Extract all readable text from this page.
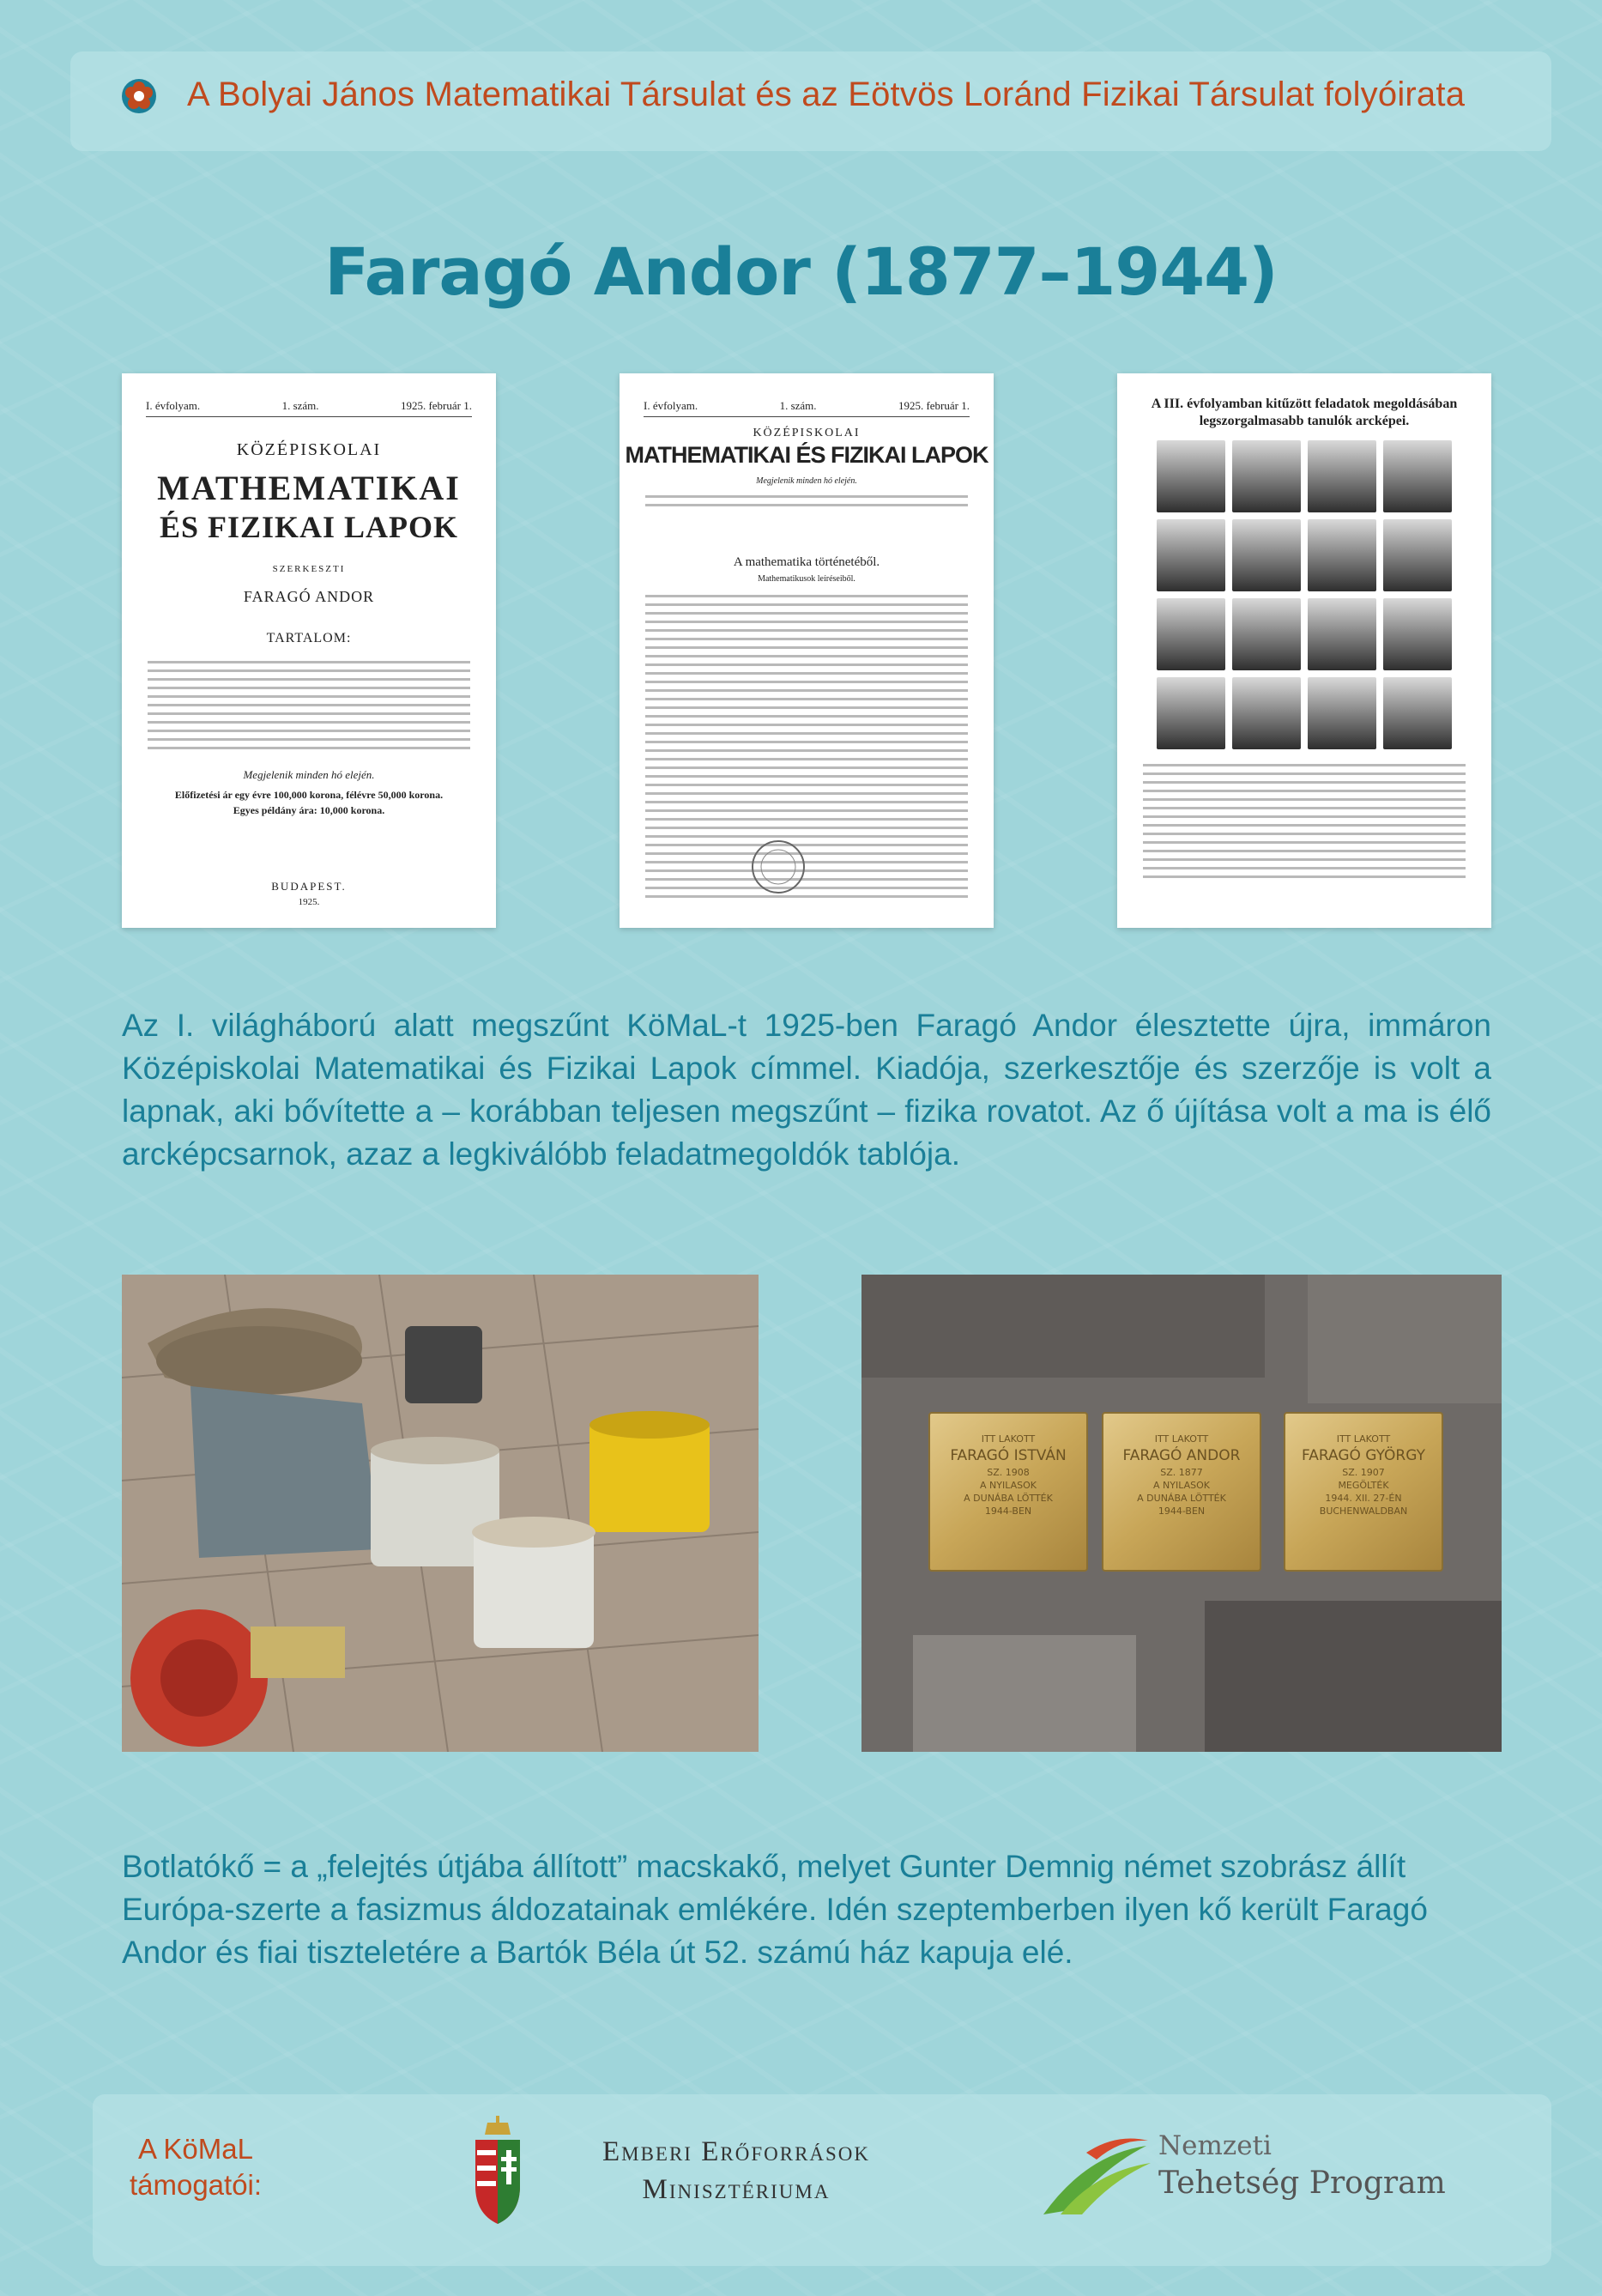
A Bolyai János Matematikai Társulat és az Eötvös Loránd Fizikai Társulat folyóirata
Faragó Andor (1877–1944)
I. évfolyam.	1. szám.	1925. február 1.
KÖZÉPISKOLAI
MATHEMATIKAI
ÉS FIZIKAI LAPOK
SZERKESZTI
FARAGÓ ANDOR
TARTALOM:
Megjelenik minden hó elején.
Előfizetési ár egy évre 100,000 korona, félévre 50,000 korona.
Egyes példány ára: 10,000 korona.
BUDAPEST.
1925.
I. évfolyam.	1. szám.	1925. február 1.
KÖZÉPISKOLAI
MATHEMATIKAI ÉS FIZIKAI LAPOK
Megjelenik minden hó elején.
A mathematika történetéből.
Mathematikusok leíréseiből.
A III. évfolyamban kitűzött feladatok megoldásában legszorgalmasabb tanulók arcképei.

Az I. világháború alatt megszűnt KöMaL-t 1925-ben Faragó Andor élesztette újra, immáron Középiskolai Matematikai és Fizikai Lapok címmel. Kiadója, szerkesztője és szerzője is volt a lapnak, aki bővítette a – korábban teljesen megszűnt – fizika rovatot. Az ő újítása volt a ma is élő arcképcsarnok, azaz a legkiválóbb feladatmegoldók tablója.

ITT LAKOTT
FARAGÓ ISTVÁN
SZ. 1908
A NYILASOK
A DUNÁBA LÖTTÉK
1944-BEN
ITT LAKOTT
FARAGÓ ANDOR
SZ. 1877
A NYILASOK
A DUNÁBA LÖTTÉK
1944-BEN
ITT LAKOTT
FARAGÓ GYÖRGY
SZ. 1907
MEGÖLTÉK
1944. XII. 27-ÉN
BUCHENWALDBAN

Botlatókő = a „felejtés útjába állított” macskakő, melyet Gunter Demnig német szobrász állít Európa-szerte a fasizmus áldozatainak emlékére. Idén szeptemberben ilyen kő került Faragó Andor és fiai tiszteletére a Bartók Béla út 52. számú ház kapuja elé.

A KöMaL
támogatói:
Emberi Erőforrások
Minisztériuma
Nemzeti
Tehetség Program
